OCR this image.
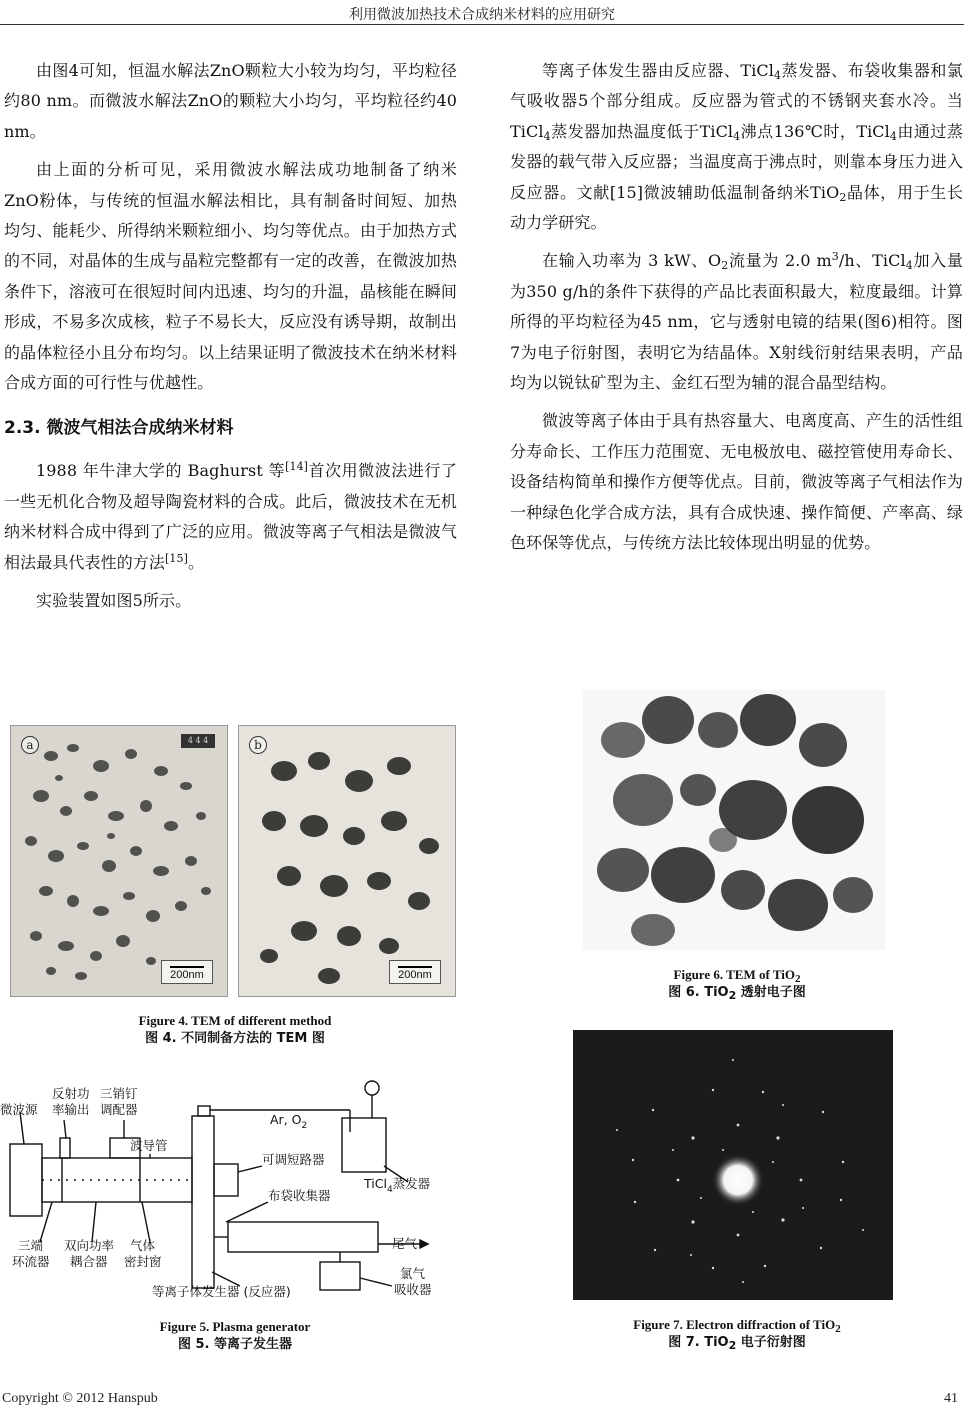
利用微波加热技术合成纳米材料的应用研究

由图4可知，恒温水解法ZnO颗粒大小较为均匀，平均粒径约80 nm。而微波水解法ZnO的颗粒大小均匀，平均粒径约40 nm。

由上面的分析可见，采用微波水解法成功地制备了纳米ZnO粉体，与传统的恒温水解法相比，具有制备时间短、加热均匀、能耗少、所得纳米颗粒细小、均匀等优点。由于加热方式的不同，对晶体的生成与晶粒完整都有一定的改善，在微波加热条件下，溶液可在很短时间内迅速、均匀的升温，晶核能在瞬间形成，不易多次成核，粒子不易长大，反应没有诱导期，故制出的晶体粒径小且分布均匀。以上结果证明了微波技术在纳米材料合成方面的可行性与优越性。

2.3. 微波气相法合成纳米材料

1988 年牛津大学的 Baghurst 等[14]首次用微波法进行了一些无机化合物及超导陶瓷材料的合成。此后，微波技术在无机纳米材料合成中得到了广泛的应用。微波等离子气相法是微波气相法最具代表性的方法[15]。

实验装置如图5所示。

等离子体发生器由反应器、TiCl$_4$蒸发器、布袋收集器和氯气吸收器5个部分组成。反应器为管式的不锈钢夹套水冷。当TiCl$_4$蒸发器加热温度低于TiCl$_4$沸点136℃时，TiCl$_4$由通过蒸发器的载气带入反应器；当温度高于沸点时，则靠本身压力进入反应器。文献[15]微波辅助低温制备纳米TiO$_2$晶体，用于生长动力学研究。

在输入功率为 3 kW、$O_2$流量为 2.0 $m^3/h$、TiCl$_4$加入量为350 g/h的条件下获得的产品比表面积最大，粒度最细。计算所得的平均粒径为45 nm，它与透射电镜的结果(图6)相符。图7为电子衍射图，表明它为结晶体。X射线衍射结果表明，产品均为以锐钛矿型为主、金红石型为辅的混合晶型结构。

微波等离子体由于具有热容量大、电离度高、产生的活性组分寿命长、工作压力范围宽、无电极放电、磁控管使用寿命长、设备结构简单和操作方便等优点。目前，微波等离子气相法作为一种绿色化学合成方法，具有合成快速、操作简便、产率高、绿色环保等优点，与传统方法比较体现出明显的优势。

a	4 4 4
200nm
b
200nm
Figure 4. TEM of different method
图 4. 不同制备方法的 TEM 图
微波源
反射功
率输出
三销钉
调配器
波导管
Ar, $O_2$
可调短路器
布袋收集器
TiCl$_4$蒸发器
三端
环流器
双向功率
耦合器
气体
密封窗
尾气
氯气
吸收器
等离子体发生器 (反应器)
Figure 5. Plasma generator
图 5. 等离子发生器
Figure 6. TEM of TiO$_2$
图 6. TiO$_2$ 透射电子图
Figure 7. Electron diffraction of TiO$_2$
图 7. TiO$_2$ 电子衍射图
Copyright © 2012 Hanspub	41
